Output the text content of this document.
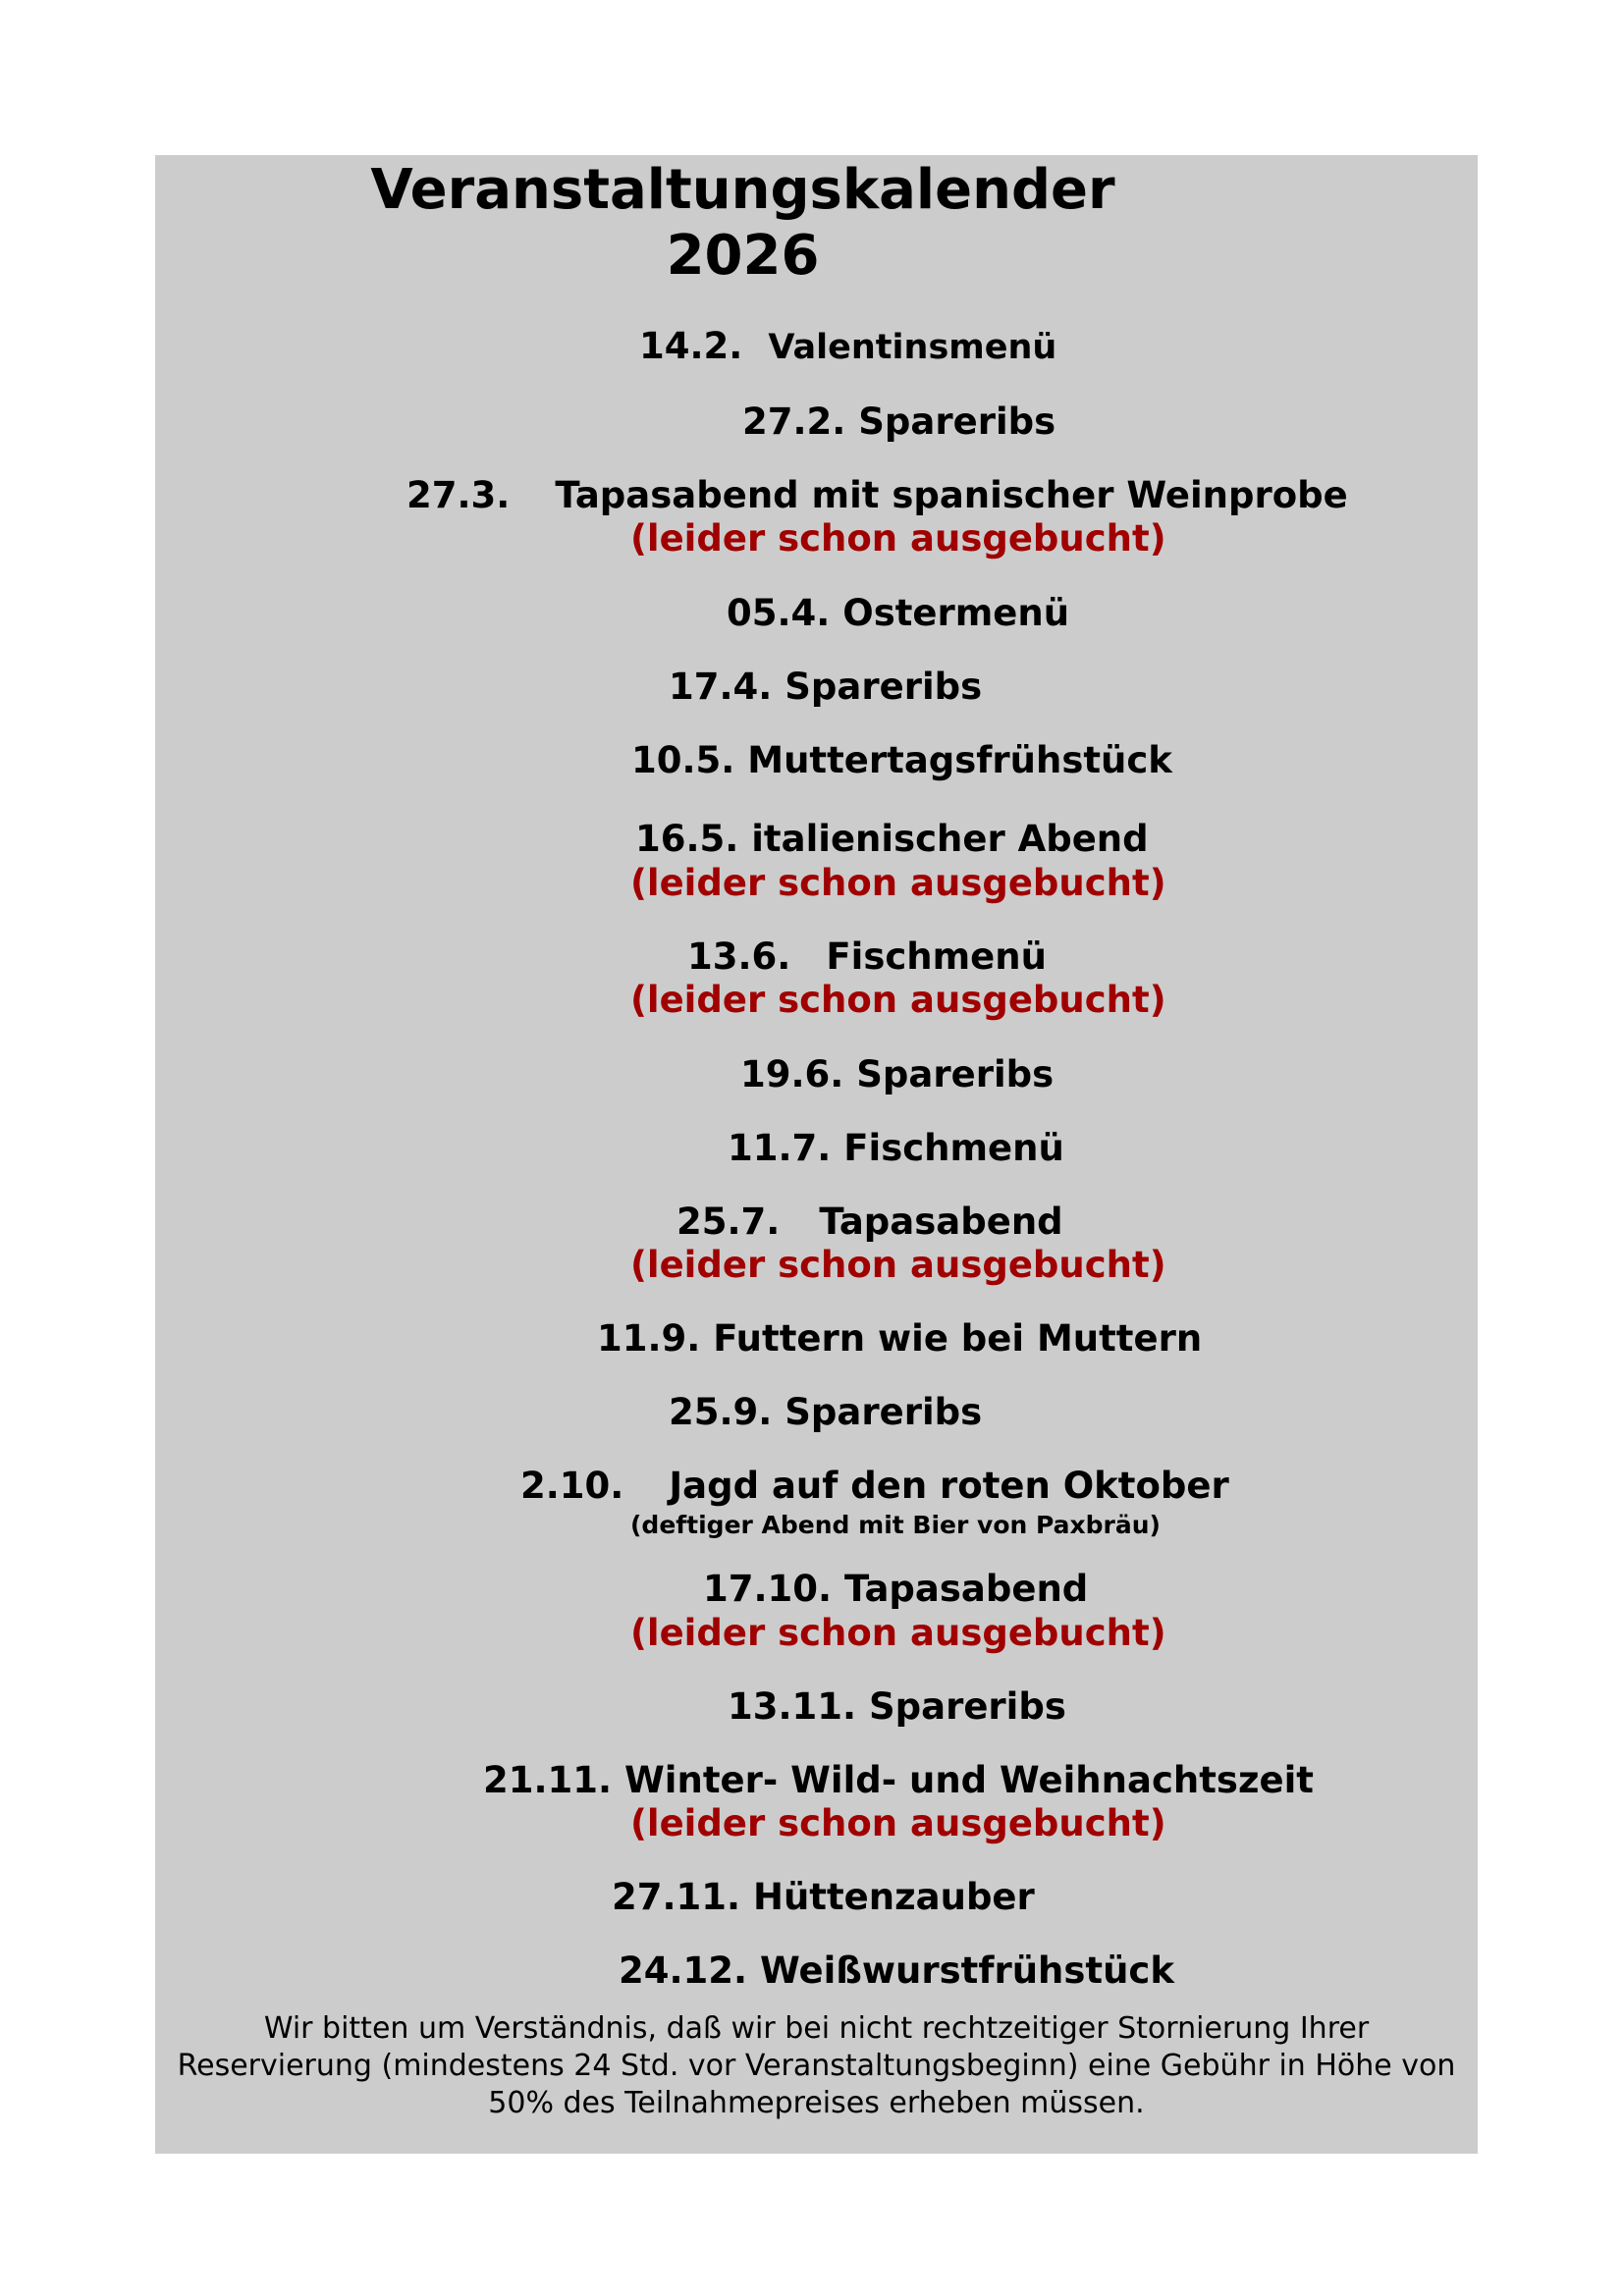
Veranstaltungskalender
2026
14.2. Valentinsmenü
27.2. Spareribs
27.3. Tapasabend mit spanischer Weinprobe
(leider schon ausgebucht)
05.4. Ostermenü
17.4. Spareribs
10.5. Muttertagsfrühstück
16.5. italienischer Abend
(leider schon ausgebucht)
13.6. Fischmenü
(leider schon ausgebucht)
19.6. Spareribs
11.7. Fischmenü
25.7. Tapasabend
(leider schon ausgebucht)
11.9. Futtern wie bei Muttern
25.9. Spareribs
2.10. Jagd auf den roten Oktober
(deftiger Abend mit Bier von Paxbräu)
17.10. Tapasabend
(leider schon ausgebucht)
13.11. Spareribs
21.11. Winter- Wild- und Weihnachtszeit
(leider schon ausgebucht)
27.11. Hüttenzauber
24.12. Weißwurstfrühstück
Wir bitten um Verständnis, daß wir bei nicht rechtzeitiger Stornierung Ihrer
Reservierung (mindestens 24 Std. vor Veranstaltungsbeginn) eine Gebühr in Höhe von
50% des Teilnahmepreises erheben müssen.
